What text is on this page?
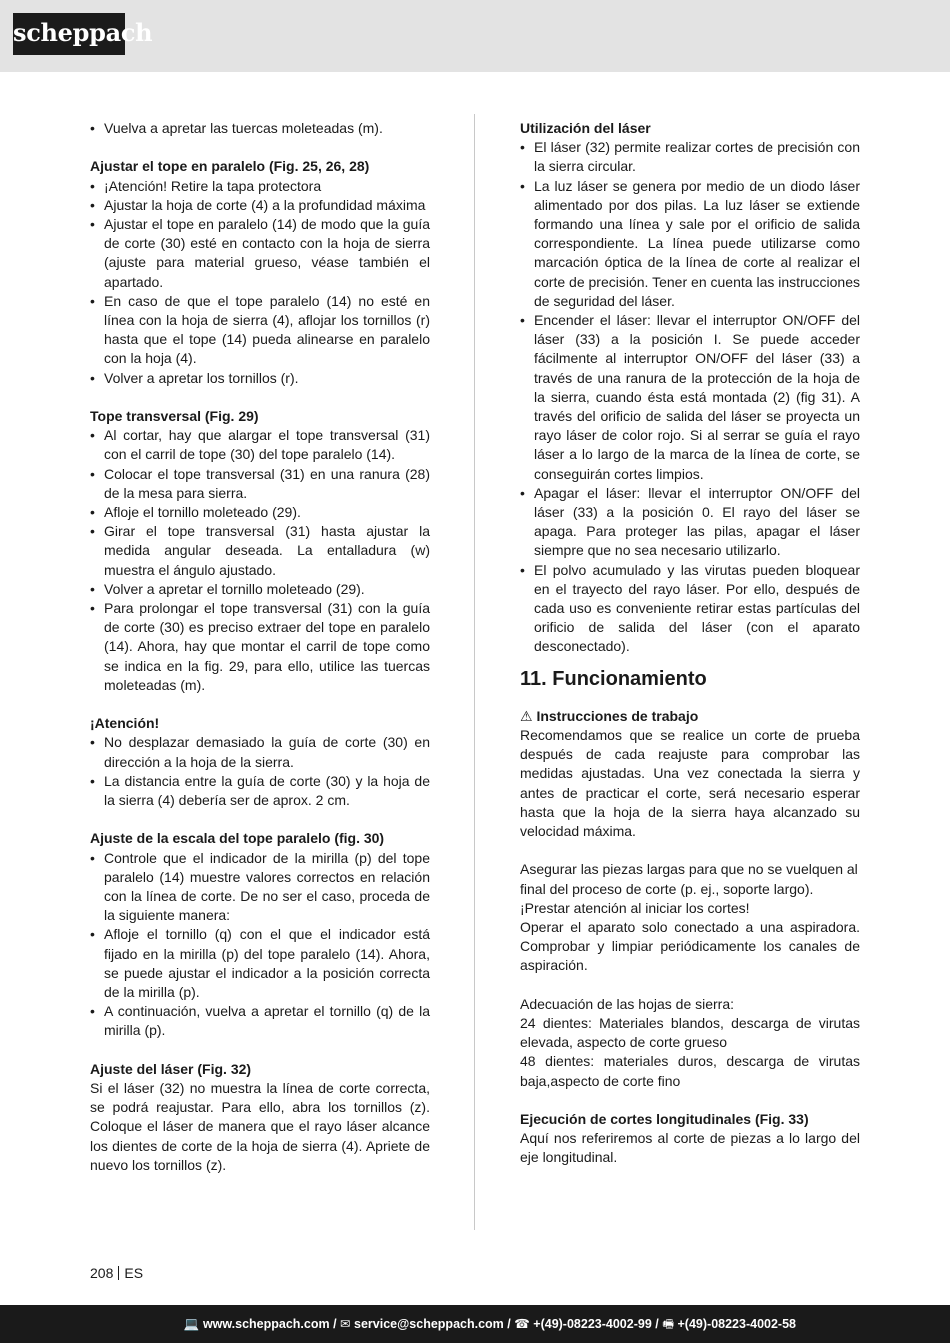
scheppach
• Vuelva a apretar las tuercas moleteadas (m).

Ajustar el tope en paralelo (Fig. 25, 26, 28)

• ¡Atención! Retire la tapa protectora
• Ajustar la hoja de corte (4) a la profundidad máxima
• Ajustar el tope en paralelo (14) de modo que la guía de corte (30) esté en contacto con la hoja de sierra (ajuste para material grueso, véase también el apartado.
• En caso de que el tope paralelo (14) no esté en línea con la hoja de sierra (4), aflojar los tornillos (r) hasta que el tope (14) pueda alinearse en paralelo con la hoja (4).
• Volver a apretar los tornillos (r).

Tope transversal (Fig. 29)

• Al cortar, hay que alargar el tope transversal (31) con el carril de tope (30) del tope paralelo (14).
• Colocar el tope transversal (31) en una ranura (28) de la mesa para sierra.
• Afloje el tornillo moleteado (29).
• Girar el tope transversal (31) hasta ajustar la medida angular deseada. La entalladura (w) muestra el ángulo ajustado.
• Volver a apretar el tornillo moleteado (29).
• Para prolongar el tope transversal (31) con la guía de corte (30) es preciso extraer del tope en paralelo (14). Ahora, hay que montar el carril de tope como se indica en la fig. 29, para ello, utilice las tuercas moleteadas (m).

¡Atención!

• No desplazar demasiado la guía de corte (30) en dirección a la hoja de la sierra.
• La distancia entre la guía de corte (30) y la hoja de la sierra (4) debería ser de aprox. 2 cm.

Ajuste de la escala del tope paralelo (fig. 30)

• Controle que el indicador de la mirilla (p) del tope paralelo (14) muestre valores correctos en relación con la línea de corte. De no ser el caso, proceda de la siguiente manera:
• Afloje el tornillo (q) con el que el indicador está fijado en la mirilla (p) del tope paralelo (14). Ahora, se puede ajustar el indicador a la posición correcta de la mirilla (p).
• A continuación, vuelva a apretar el tornillo (q) de la mirilla (p).

Ajuste del láser (Fig. 32)

Si el láser (32) no muestra la línea de corte correcta, se podrá reajustar. Para ello, abra los tornillos (z). Coloque el láser de manera que el rayo láser alcance los dientes de corte de la hoja de sierra (4). Apriete de nuevo los tornillos (z).

Utilización del láser

• El láser (32) permite realizar cortes de precisión con la sierra circular.
• La luz láser se genera por medio de un diodo láser alimentado por dos pilas. La luz láser se extiende formando una línea y sale por el orificio de salida correspondiente. La línea puede utilizarse como marcación óptica de la línea de corte al realizar el corte de precisión. Tener en cuenta las instrucciones de seguridad del láser.
• Encender el láser: llevar el interruptor ON/OFF del láser (33) a la posición I. Se puede acceder fácilmente al interruptor ON/OFF del láser (33) a través de una ranura de la protección de la hoja de la sierra, cuando ésta está montada (2) (fig 31). A través del orificio de salida del láser se proyecta un rayo láser de color rojo. Si al serrar se guía el rayo láser a lo largo de la marca de la línea de corte, se conseguirán cortes limpios.
• Apagar el láser: llevar el interruptor ON/OFF del láser (33) a la posición 0. El rayo del láser se apaga. Para proteger las pilas, apagar el láser siempre que no sea necesario utilizarlo.
• El polvo acumulado y las virutas pueden bloquear en el trayecto del rayo láser. Por ello, después de cada uso es conveniente retirar estas partículas del orificio de salida del láser (con el aparato desconectado).
11. Funcionamiento

⚠ Instrucciones de trabajo

Recomendamos que se realice un corte de prueba después de cada reajuste para comprobar las medidas ajustadas. Una vez conectada la sierra y antes de practicar el corte, será necesario esperar hasta que la hoja de la sierra haya alcanzado su velocidad máxima.

Asegurar las piezas largas para que no se vuelquen al final del proceso de corte (p. ej., soporte largo).

¡Prestar atención al iniciar los cortes!

Operar el aparato solo conectado a una aspiradora. Comprobar y limpiar periódicamente los canales de aspiración.

Adecuación de las hojas de sierra:

24 dientes: Materiales blandos, descarga de virutas elevada, aspecto de corte grueso

48 dientes: materiales duros, descarga de virutas baja,aspecto de corte fino

Ejecución de cortes longitudinales (Fig. 33)

Aquí nos referiremos al corte de piezas a lo largo del eje longitudinal.

208 ES
💻 www.scheppach.com / ✉ service@scheppach.com / ☎ +(49)-08223-4002-99 / 🖷 +(49)-08223-4002-58
